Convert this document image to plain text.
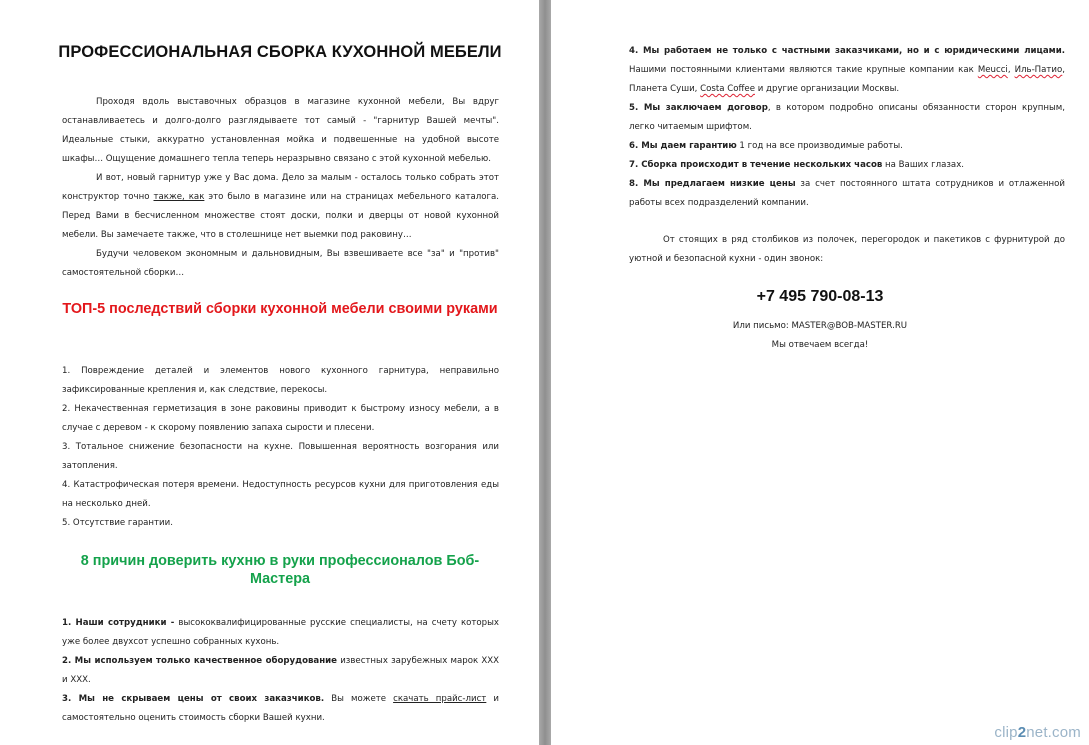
ПРОФЕССИОНАЛЬНАЯ СБОРКА КУХОННОЙ МЕБЕЛИ

Проходя вдоль выставочных образцов в магазине кухонной мебели, Вы вдруг останавливаетесь и долго-долго разглядываете тот самый - "гарнитур Вашей мечты". Идеальные стыки, аккуратно установленная мойка и подвешенные на удобной высоте шкафы… Ощущение домашнего тепла теперь неразрывно связано с этой кухонной мебелью.

И вот, новый гарнитур уже у Вас дома. Дело за малым - осталось только собрать этот конструктор точно также, как это было в магазине или на страницах мебельного каталога. Перед Вами в бесчисленном множестве стоят доски, полки и дверцы от новой кухонной мебели. Вы замечаете также, что в столешнице нет выемки под раковину…

Будучи человеком экономным и дальновидным, Вы взвешиваете все "за" и "против" самостоятельной сборки…

ТОП-5 последствий сборки кухонной мебели своими руками

1. Повреждение деталей и элементов нового кухонного гарнитура, неправильно зафиксированные крепления и, как следствие, перекосы.

2. Некачественная герметизация в зоне раковины приводит к быстрому износу мебели, а в случае с деревом - к скорому появлению запаха сырости и плесени.

3. Тотальное снижение безопасности на кухне. Повышенная вероятность возгорания или затопления.

4. Катастрофическая потеря времени. Недоступность ресурсов кухни для приготовления еды на несколько дней.

5. Отсутствие гарантии.

8 причин доверить кухню в руки профессионалов Боб-Мастера

1. Наши сотрудники - высококвалифицированные русские специалисты, на счету которых уже более двухсот успешно собранных кухонь.

2. Мы используем только качественное оборудование известных зарубежных марок ХХХ и ХХХ.

3. Мы не скрываем цены от своих заказчиков. Вы можете скачать прайс-лист и самостоятельно оценить стоимость сборки Вашей кухни.

4. Мы работаем не только с частными заказчиками, но и с юридическими лицами. Нашими постоянными клиентами являются такие крупные компании как Меucci, Иль-Патио, Планета Суши, Costa Coffee и другие организации Москвы.

5. Мы заключаем договор, в котором подробно описаны обязанности сторон крупным, легко читаемым шрифтом.

6. Мы даем гарантию 1 год на все производимые работы.

7. Сборка происходит в течение нескольких часов на Ваших глазах.

8. Мы предлагаем низкие цены за счет постоянного штата сотрудников и отлаженной работы всех подразделений компании.

От стоящих в ряд столбиков из полочек, перегородок и пакетиков с фурнитурой до уютной и безопасной кухни - один звонок:

+7 495 790-08-13
Или письмо: MASTER@BOB-MASTER.RU
Мы отвечаем всегда!
clip2net.com
